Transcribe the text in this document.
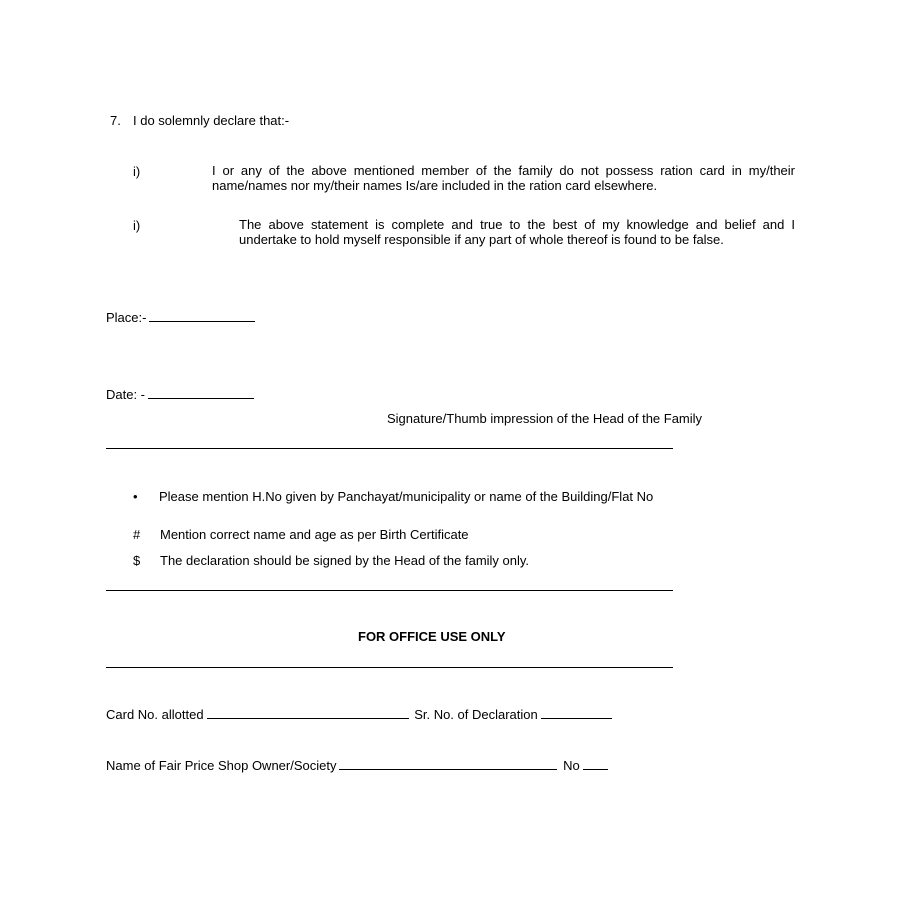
7. I do solemnly declare that:-
i)	I or any of the above mentioned member of the family do not possess ration card in my/their name/names nor my/their names Is/are included in the ration card elsewhere.
i)	The above statement is complete and true to the best of my knowledge and belief and I undertake to hold myself responsible if any part of whole thereof is found to be false.
Place:-
Date: -
Signature/Thumb impression of the Head of the Family
• Please mention H.No given by Panchayat/municipality or name of the Building/Flat No
# Mention correct name and age as per Birth Certificate
$ The declaration should be signed by the Head of the family only.
FOR OFFICE USE ONLY
Card No. allotted	Sr. No. of Declaration
Name of Fair Price Shop Owner/Society	No
